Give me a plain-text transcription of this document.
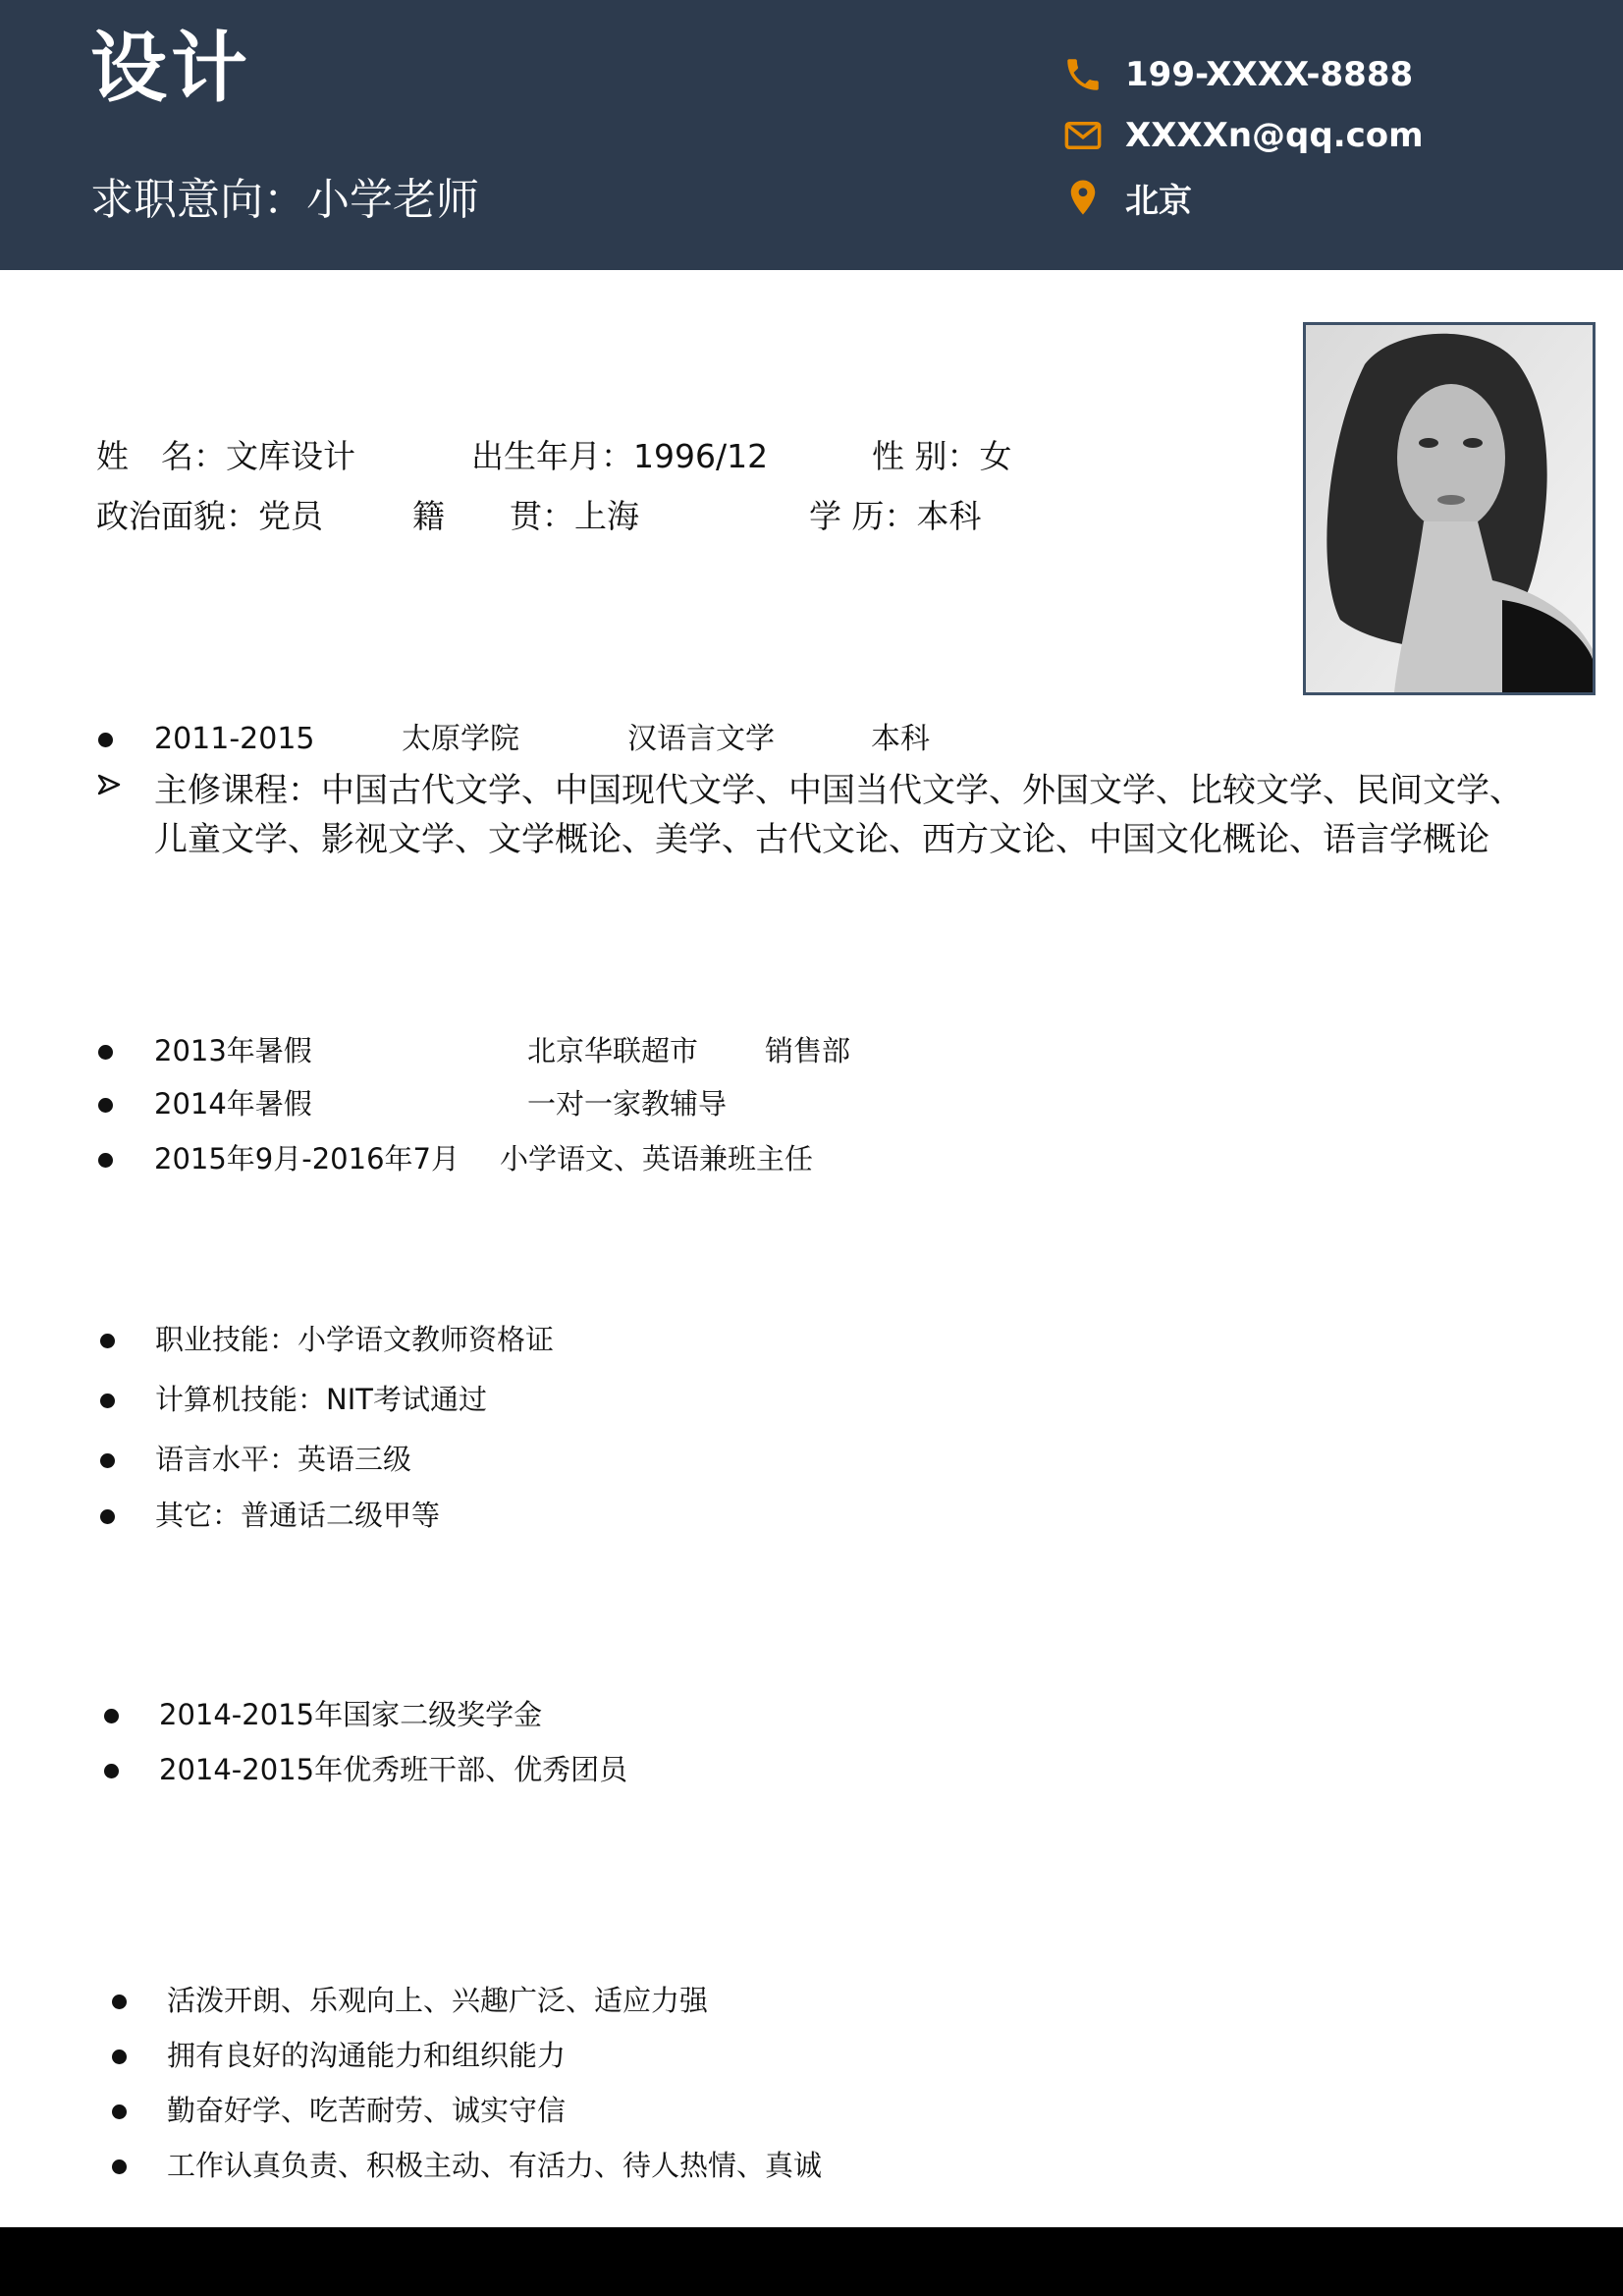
设计
求职意向：小学老师
199-XXXX-8888
XXXXn@qq.com
北京
姓　名：文库设计	出生年月：1996/12	性 别：女
政治面貌：党员	籍　　贯：上海	学 历：本科
2011-2015	太原学院	汉语言文学	本科
主修课程：中国古代文学、中国现代文学、中国当代文学、外国文学、比较文学、民间文学、
儿童文学、影视文学、文学概论、美学、古代文论、西方文论、中国文化概论、语言学概论
2013年暑假	北京华联超市 销售部
2014年暑假	一对一家教辅导
2015年9月-2016年7月 小学语文、英语兼班主任
职业技能：小学语文教师资格证
计算机技能：NIT考试通过
语言水平：英语三级
其它：普通话二级甲等
2014-2015年国家二级奖学金
2014-2015年优秀班干部、优秀团员
活泼开朗、乐观向上、兴趣广泛、适应力强
拥有良好的沟通能力和组织能力
勤奋好学、吃苦耐劳、诚实守信
工作认真负责、积极主动、有活力、待人热情、真诚
